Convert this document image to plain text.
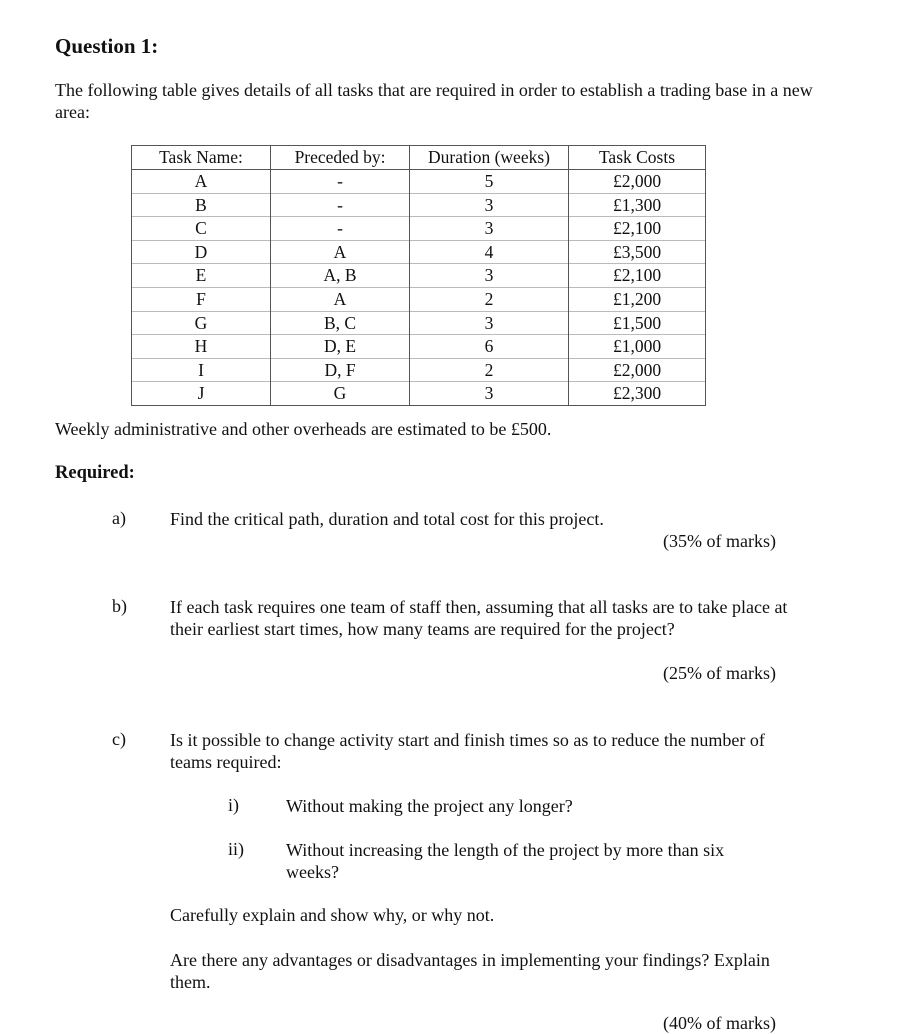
Question 1:
The following table gives details of all tasks that are required in order to establish a trading base in a new area:
Task Name:	Preceded by:	Duration (weeks)	Task Costs
A	-	5	£2,000
B	-	3	£1,300
C	-	3	£2,100
D	A	4	£3,500
E	A, B	3	£2,100
F	A	2	£1,200
G	B, C	3	£1,500
H	D, E	6	£1,000
I	D, F	2	£2,000
J	G	3	£2,300
Weekly administrative and other overheads are estimated to be £500.
Required:
a) Find the critical path, duration and total cost for this project.
(35% of marks)
b) If each task requires one team of staff then, assuming that all tasks are to take place at their earliest start times, how many teams are required for the project?
(25% of marks)
c) Is it possible to change activity start and finish times so as to reduce the number of teams required:
i)	Without making the project any longer?
ii) Without increasing the length of the project by more than six weeks?
Carefully explain and show why, or why not.
Are there any advantages or disadvantages in implementing your findings? Explain them.
(40% of marks)
